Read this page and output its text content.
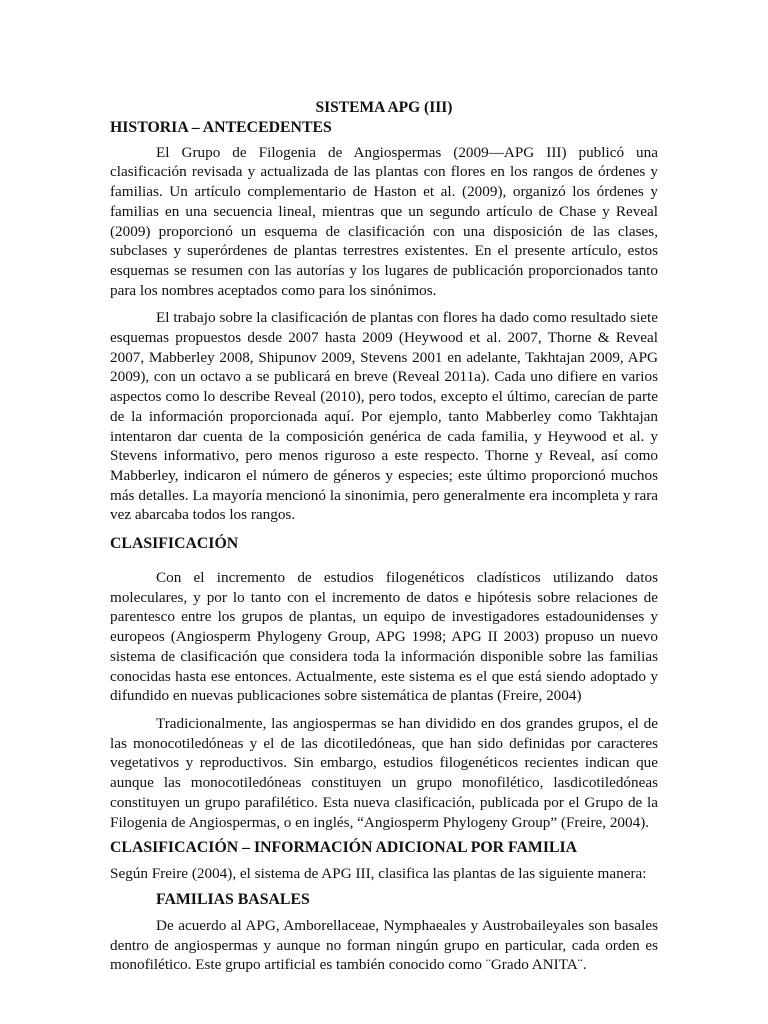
SISTEMA APG (III)
HISTORIA – ANTECEDENTES

El Grupo de Filogenia de Angiospermas (2009—APG III) publicó una clasificación revisada y actualizada de las plantas con flores en los rangos de órdenes y familias. Un artículo complementario de Haston et al. (2009), organizó los órdenes y familias en una secuencia lineal, mientras que un segundo artículo de Chase y Reveal (2009) proporcionó un esquema de clasificación con una disposición de las clases, subclases y superórdenes de plantas terrestres existentes. En el presente artículo, estos esquemas se resumen con las autorías y los lugares de publicación proporcionados tanto para los nombres aceptados como para los sinónimos.

El trabajo sobre la clasificación de plantas con flores ha dado como resultado siete esquemas propuestos desde 2007 hasta 2009 (Heywood et al. 2007, Thorne & Reveal 2007, Mabberley 2008, Shipunov 2009, Stevens 2001 en adelante, Takhtajan 2009, APG 2009), con un octavo a se publicará en breve (Reveal 2011a). Cada uno difiere en varios aspectos como lo describe Reveal (2010), pero todos, excepto el último, carecían de parte de la información proporcionada aquí. Por ejemplo, tanto Mabberley como Takhtajan intentaron dar cuenta de la composición genérica de cada familia, y Heywood et al. y Stevens informativo, pero menos riguroso a este respecto. Thorne y Reveal, así como Mabberley, indicaron el número de géneros y especies; este último proporcionó muchos más detalles. La mayoría mencionó la sinonimia, pero generalmente era incompleta y rara vez abarcaba todos los rangos.

CLASIFICACIÓN

Con el incremento de estudios filogenéticos cladísticos utilizando datos moleculares, y por lo tanto con el incremento de datos e hipótesis sobre relaciones de parentesco entre los grupos de plantas, un equipo de investigadores estadounidenses y europeos (Angiosperm Phylogeny Group, APG 1998; APG II 2003) propuso un nuevo sistema de clasificación que considera toda la información disponible sobre las familias conocidas hasta ese entonces. Actualmente, este sistema es el que está siendo adoptado y difundido en nuevas publicaciones sobre sistemática de plantas (Freire, 2004)

Tradicionalmente, las angiospermas se han dividido en dos grandes grupos, el de las monocotiledóneas y el de las dicotiledóneas, que han sido definidas por caracteres vegetativos y reproductivos. Sin embargo, estudios filogenéticos recientes indican que aunque las monocotiledóneas constituyen un grupo monofilético, lasdicotiledóneas constituyen un grupo parafilético. Esta nueva clasificación, publicada por el Grupo de la Filogenia de Angiospermas, o en inglés, “Angiosperm Phylogeny Group” (Freire, 2004).

CLASIFICACIÓN – INFORMACIÓN ADICIONAL POR FAMILIA

Según Freire (2004), el sistema de APG III, clasifica las plantas de las siguiente manera:

FAMILIAS BASALES

De acuerdo al APG, Amborellaceae, Nymphaeales y Austrobaileyales son basales dentro de angiospermas y aunque no forman ningún grupo en particular, cada orden es monofilético. Este grupo artificial es también conocido como ¨Grado ANITA¨.
